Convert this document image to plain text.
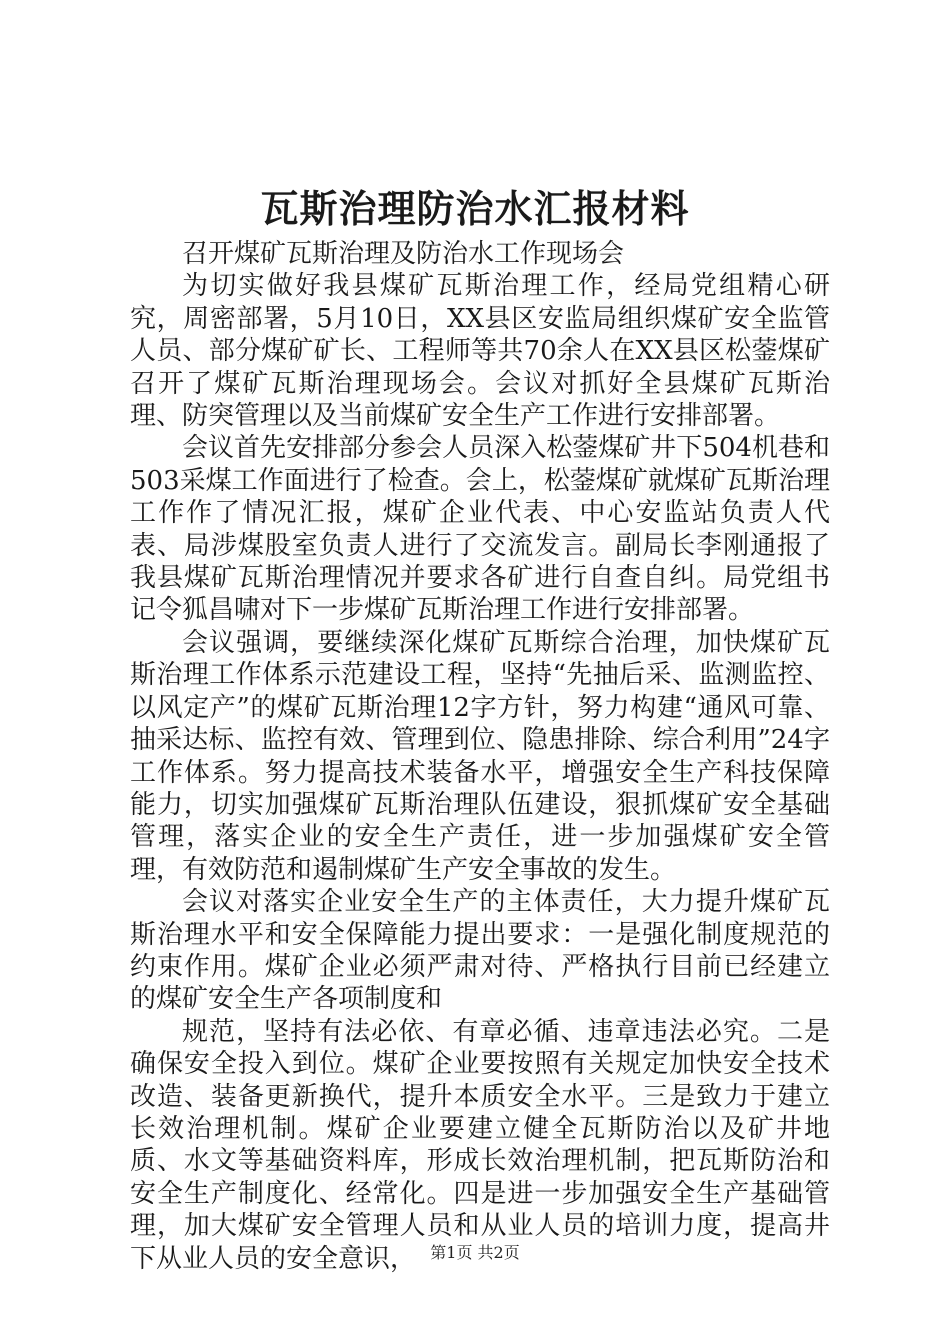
瓦斯治理防治水汇报材料

召开煤矿瓦斯治理及防治水工作现场会

为切实做好我县煤矿瓦斯治理工作，经局党组精心研究，周密部署，5月10日，XX县区安监局组织煤矿安全监管人员、部分煤矿矿长、工程师等共70余人在XX县区松蓥煤矿召开了煤矿瓦斯治理现场会。会议对抓好全县煤矿瓦斯治理、防突管理以及当前煤矿安全生产工作进行安排部署。

会议首先安排部分参会人员深入松蓥煤矿井下504机巷和503采煤工作面进行了检查。会上，松蓥煤矿就煤矿瓦斯治理工作作了情况汇报，煤矿企业代表、中心安监站负责人代表、局涉煤股室负责人进行了交流发言。副局长李刚通报了我县煤矿瓦斯治理情况并要求各矿进行自查自纠。局党组书记令狐昌啸对下一步煤矿瓦斯治理工作进行安排部署。

会议强调，要继续深化煤矿瓦斯综合治理，加快煤矿瓦斯治理工作体系示范建设工程，坚持“先抽后采、监测监控、以风定产”的煤矿瓦斯治理12字方针，努力构建“通风可靠、抽采达标、监控有效、管理到位、隐患排除、综合利用”24字工作体系。努力提高技术装备水平，增强安全生产科技保障能力，切实加强煤矿瓦斯治理队伍建设，狠抓煤矿安全基础管理，落实企业的安全生产责任，进一步加强煤矿安全管理，有效防范和遏制煤矿生产安全事故的发生。

会议对落实企业安全生产的主体责任，大力提升煤矿瓦斯治理水平和安全保障能力提出要求：一是强化制度规范的约束作用。煤矿企业必须严肃对待、严格执行目前已经建立的煤矿安全生产各项制度和

规范，坚持有法必依、有章必循、违章违法必究。二是确保安全投入到位。煤矿企业要按照有关规定加快安全技术改造、装备更新换代，提升本质安全水平。三是致力于建立长效治理机制。煤矿企业要建立健全瓦斯防治以及矿井地质、水文等基础资料库，形成长效治理机制，把瓦斯防治和安全生产制度化、经常化。四是进一步加强安全生产基础管理，加大煤矿安全管理人员和从业人员的培训力度，提高井下从业人员的安全意识， 第1页 共2页
